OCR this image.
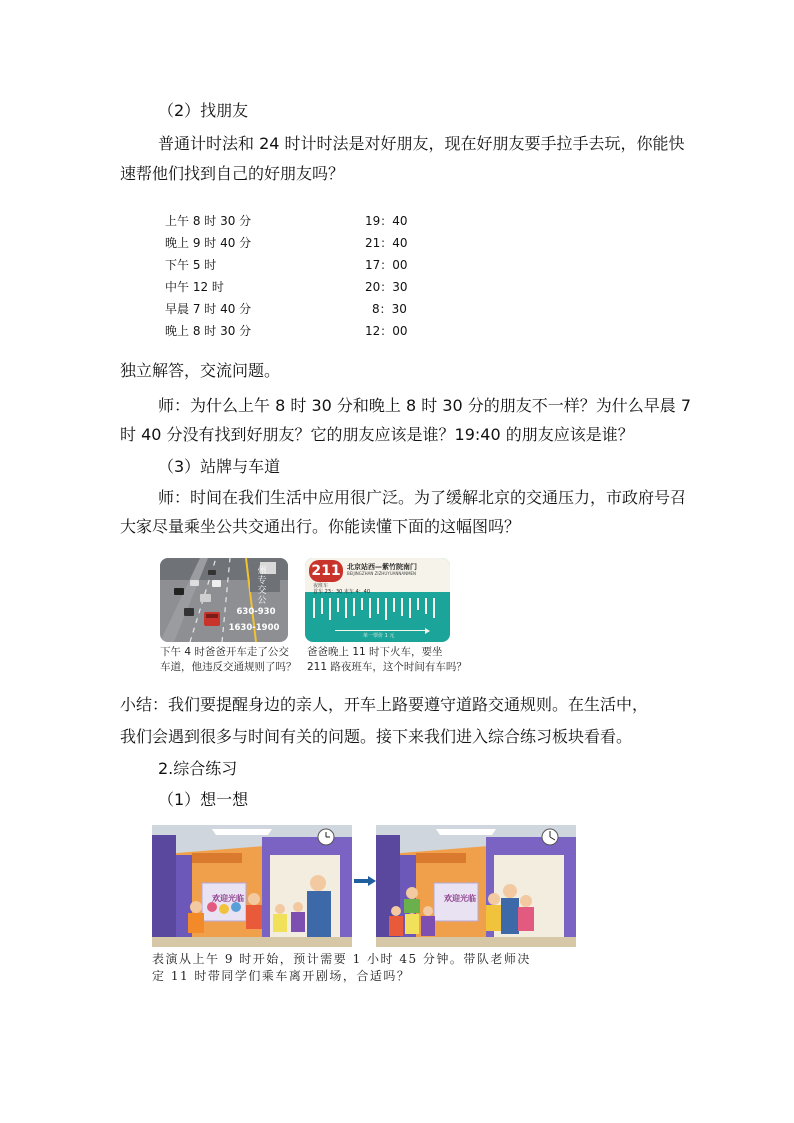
（2）找朋友
普通计时法和 24 时计时法是对好朋友，现在好朋友要手拉手去玩，你能快
速帮他们找到自己的好朋友吗？
上午 8 时 30 分	19：40
晚上 9 时 40 分	21：40
下午 5 时	17：00
中午 12 时	20：30
早晨 7 时 40 分	8：30
晚上 8 时 30 分	12：00
独立解答，交流问题。
师：为什么上午 8 时 30 分和晚上 8 时 30 分的朋友不一样？为什么早晨 7
时 40 分没有找到好朋友？它的朋友应该是谁？19:40 的朋友应该是谁？
（3）站牌与车道
师：时间在我们生活中应用很广泛。为了缓解北京的交通压力，市政府号召
大家尽量乘坐公共交通出行。你能读懂下面的这幅图吗？
州
专
交
公
630-930
1630-1900
下午 4 时爸爸开车走了公交
车道，他违反交通规则了吗？
211
夜班车
北京站西—紫竹院南门
BEIJINGZHAN ZIZHUYUANNANMEN
首车 23：30 末车 4：40
单一票价 1 元
爸爸晚上 11 时下火车，要坐
211 路夜班车，这个时间有车吗？
小结：我们要提醒身边的亲人，开车上路要遵守道路交通规则。在生活中，
我们会遇到很多与时间有关的问题。接下来我们进入综合练习板块看看。
2.综合练习
（1）想一想
欢迎光临	欢迎光临
表演从上午 9 时开始，预计需要 1 小时 45 分钟。带队老师决
定 11 时带同学们乘车离开剧场，合适吗？
